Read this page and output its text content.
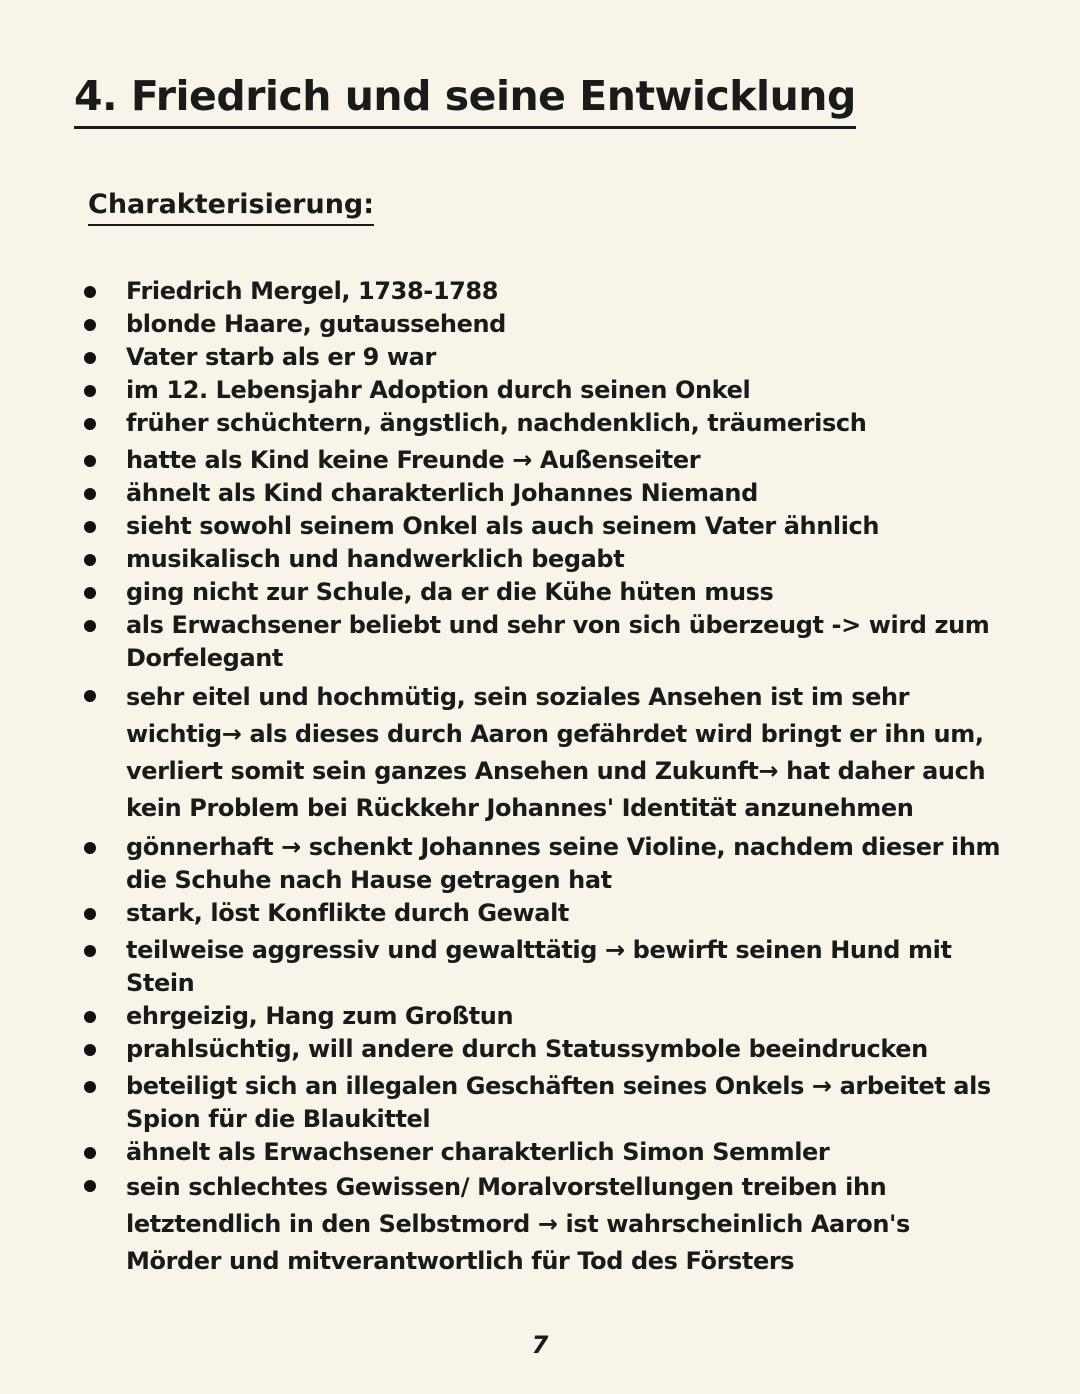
4. Friedrich und seine Entwicklung
Charakterisierung:
Friedrich Mergel, 1738-1788
blonde Haare, gutaussehend
Vater starb als er 9 war
im 12. Lebensjahr Adoption durch seinen Onkel
früher schüchtern, ängstlich, nachdenklich, träumerisch
hatte als Kind keine Freunde → Außenseiter
ähnelt als Kind charakterlich Johannes Niemand
sieht sowohl seinem Onkel als auch seinem Vater ähnlich
musikalisch und handwerklich begabt
ging nicht zur Schule, da er die Kühe hüten muss
als Erwachsener beliebt und sehr von sich überzeugt -> wird zum Dorfelegant
sehr eitel und hochmütig, sein soziales Ansehen ist im sehr wichtig→ als dieses durch Aaron gefährdet wird bringt er ihn um, verliert somit sein ganzes Ansehen und Zukunft→ hat daher auch kein Problem bei Rückkehr Johannes' Identität anzunehmen
gönnerhaft → schenkt Johannes seine Violine, nachdem dieser ihm die Schuhe nach Hause getragen hat
stark, löst Konflikte durch Gewalt
teilweise aggressiv und gewalttätig → bewirft seinen Hund mit Stein
ehrgeizig, Hang zum Großtun
prahlsüchtig, will andere durch Statussymbole beeindrucken
beteiligt sich an illegalen Geschäften seines Onkels → arbeitet als Spion für die Blaukittel
ähnelt als Erwachsener charakterlich Simon Semmler
sein schlechtes Gewissen/ Moralvorstellungen treiben ihn letztendlich in den Selbstmord → ist wahrscheinlich Aaron's Mörder und mitverantwortlich für Tod des Försters
7
